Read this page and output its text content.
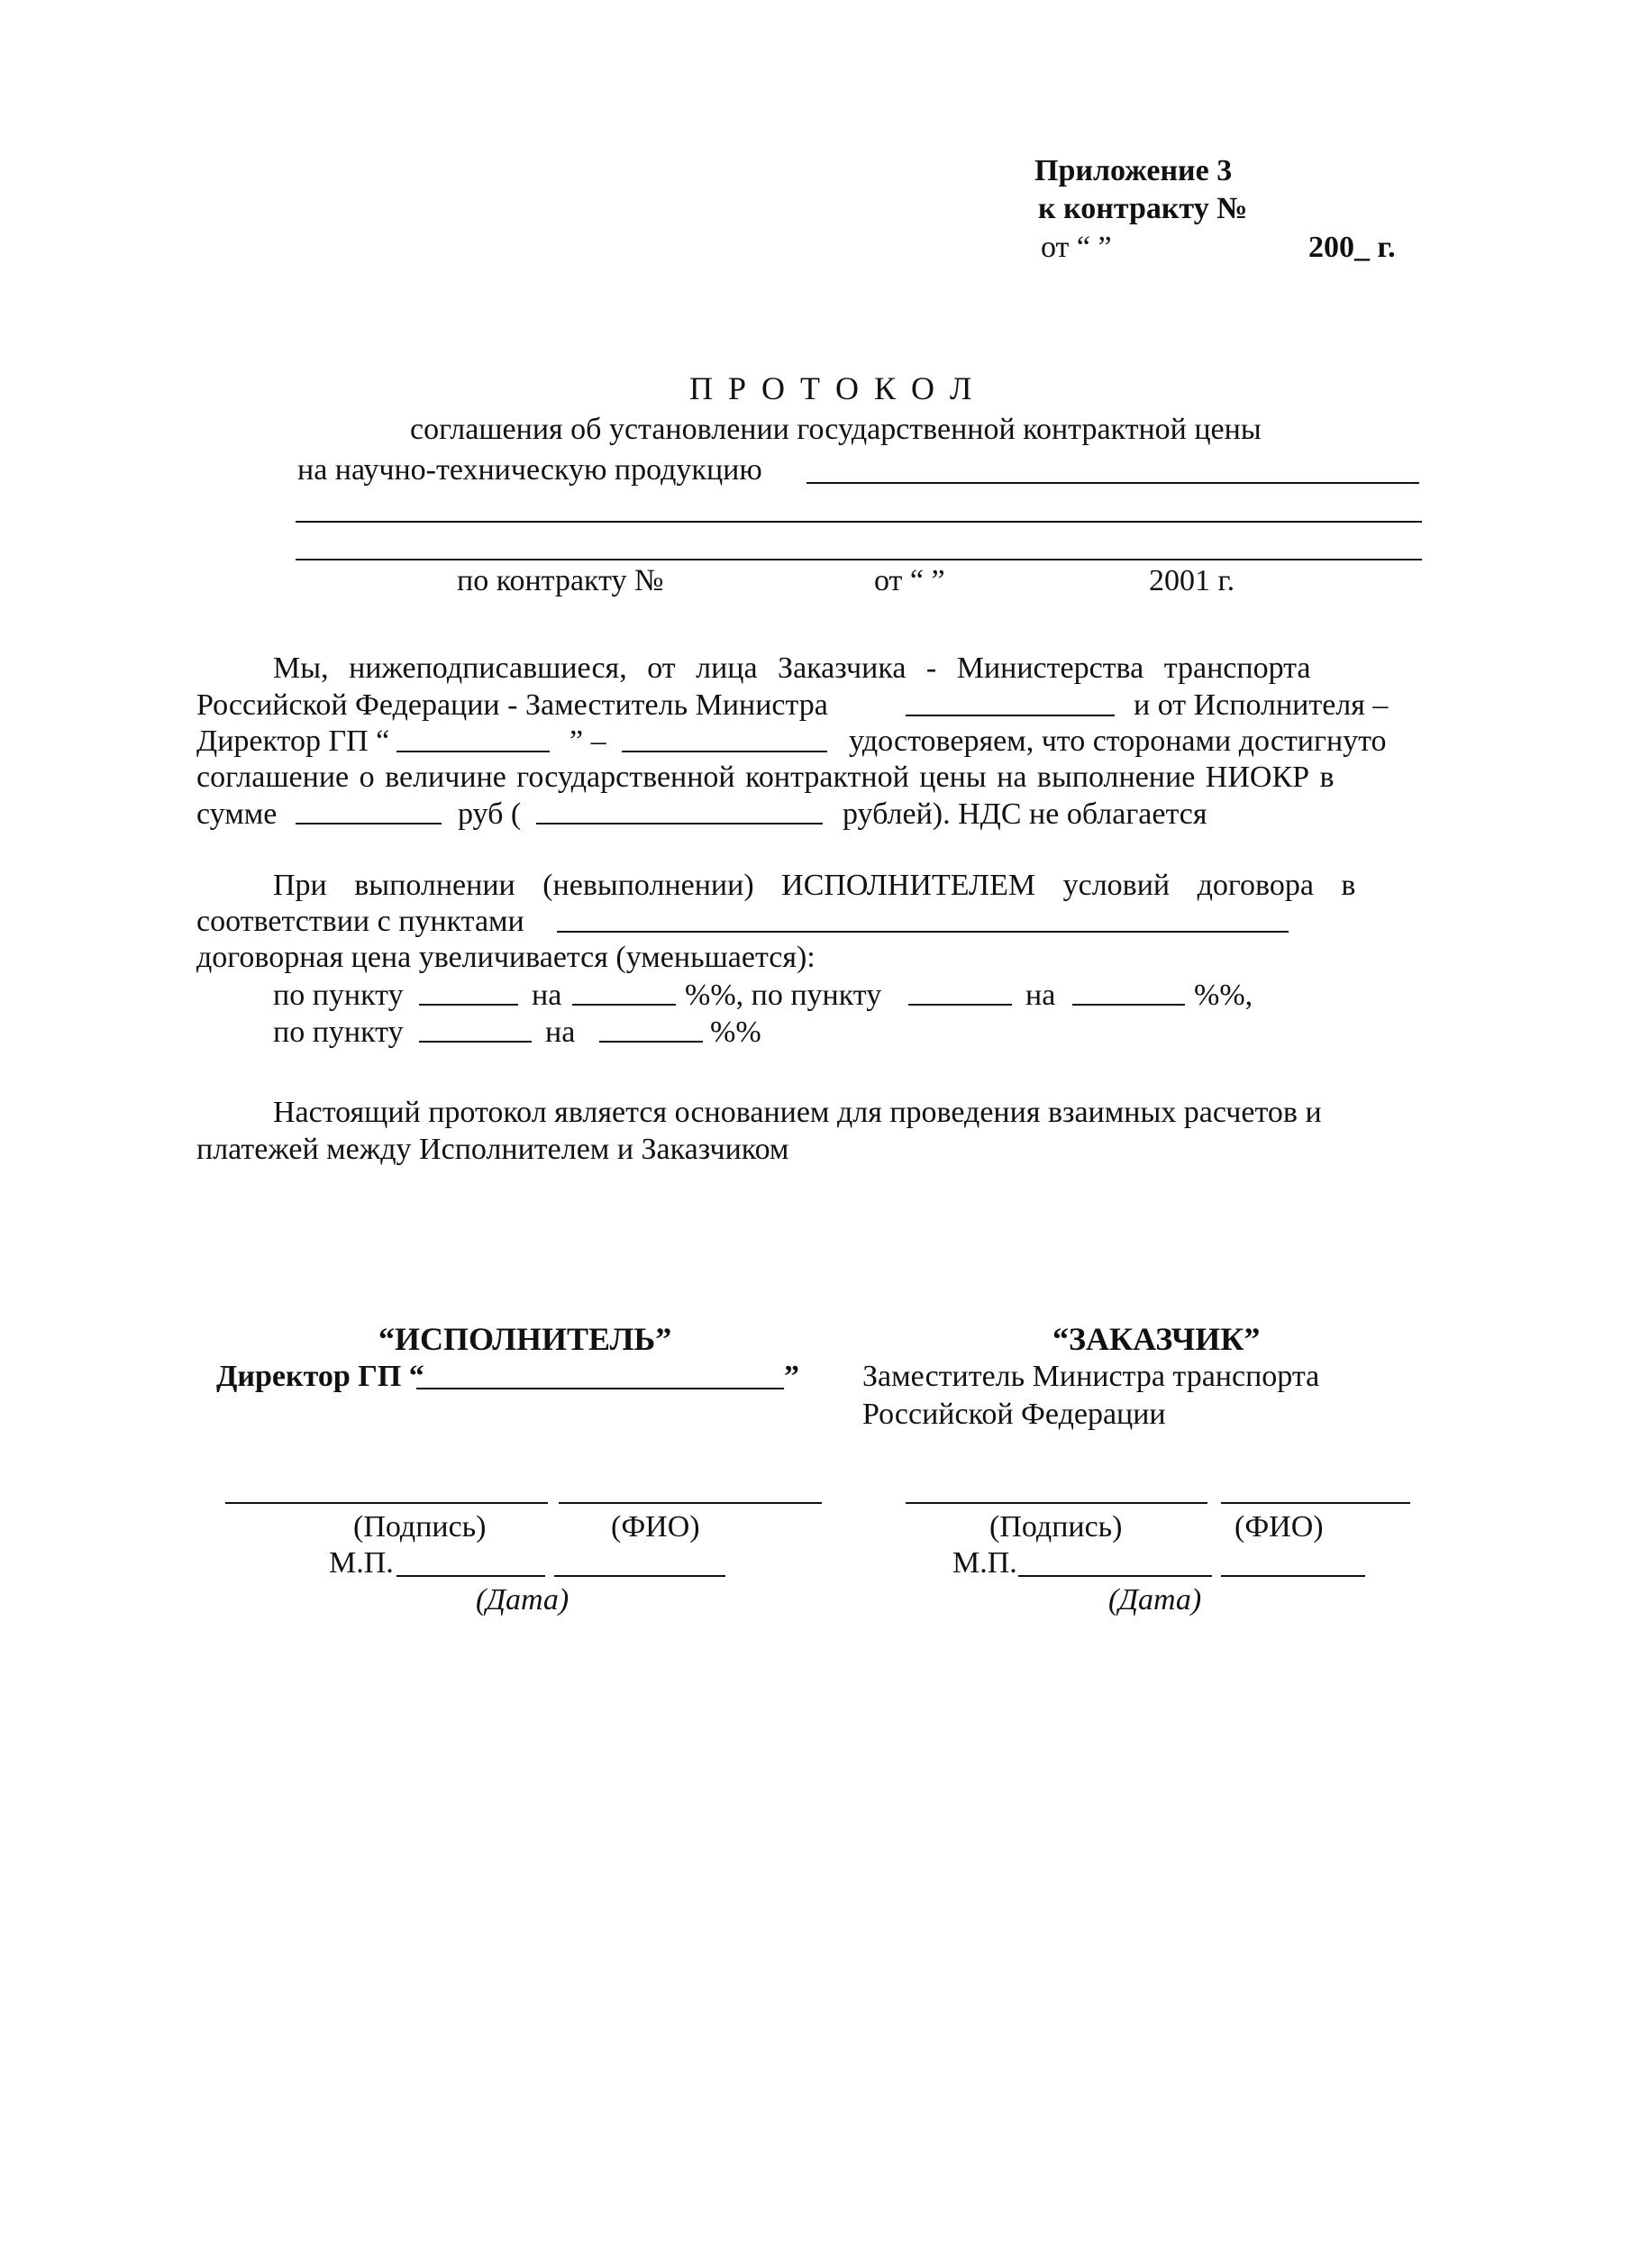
Приложение 3
к контракту №
от “ ”	200_ г.
П Р О Т О К О Л
соглашения об установлении государственной контрактной цены
на научно-техническую продукцию
по контракту №	от “ ”	2001 г.
Мы, нижеподписавшиеся, от лица Заказчика - Министерства транспорта
Российской Федерации - Заместитель Министра	и от Исполнителя –
Директор ГП “	” –	удостоверяем, что сторонами достигнуто
соглашение о величине государственной контрактной цены на выполнение НИОКР в
сумме	руб (	рублей). НДС не облагается
При выполнении (невыполнении) ИСПОЛНИТЕЛЕМ условий договора в
соответствии с пунктами
договорная цена увеличивается (уменьшается):
по пункту	на	%%, по пункту	на	%%,
по пункту	на	%%
Настоящий протокол является основанием для проведения взаимных расчетов и
платежей между Исполнителем и Заказчиком
“ИСПОЛНИТЕЛЬ”
Директор ГП “	”
(Подпись)	(ФИО)
М.П.
(Дата)
“ЗАКАЗЧИК”
Заместитель Министра транспорта
Российской Федерации
(Подпись)	(ФИО)
М.П.
(Дата)
